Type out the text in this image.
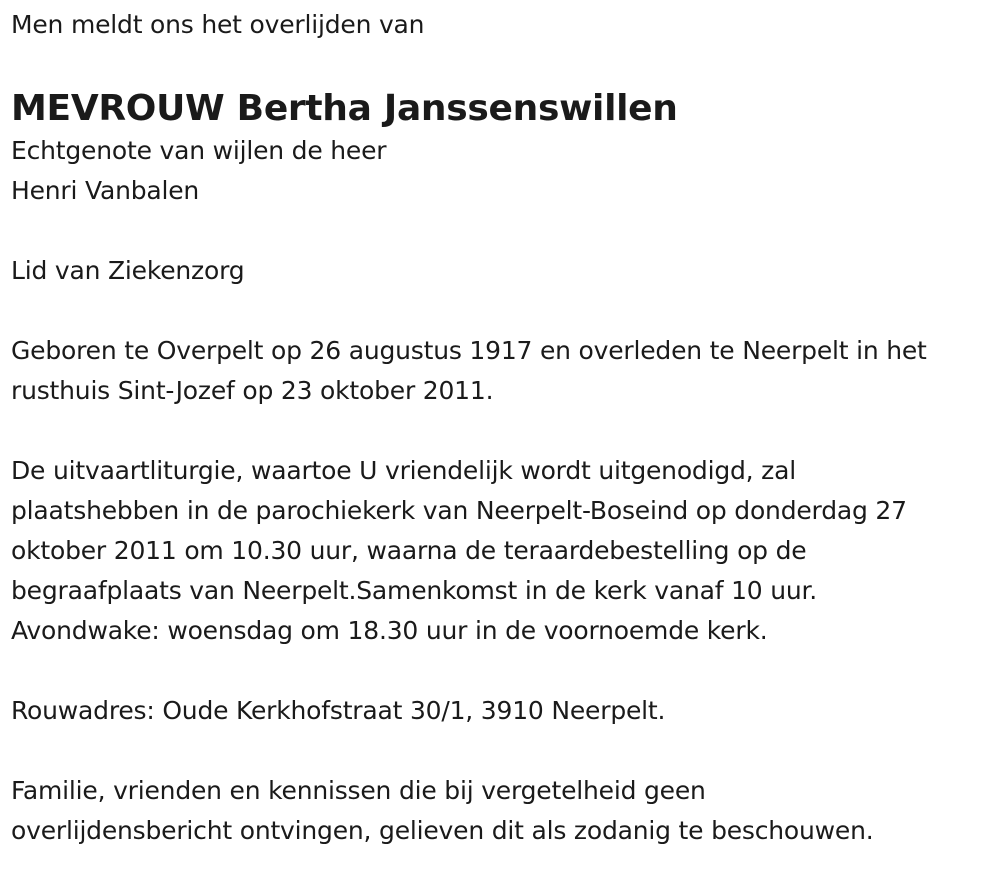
Men meldt ons het overlijden van
MEVROUW Bertha Janssenswillen
Echtgenote van wijlen de heer
Henri Vanbalen
Lid van Ziekenzorg
Geboren te Overpelt op 26 augustus 1917 en overleden te Neerpelt in het
rusthuis Sint-Jozef op 23 oktober 2011.
De uitvaartliturgie, waartoe U vriendelijk wordt uitgenodigd, zal
plaatshebben in de parochiekerk van Neerpelt-Boseind op donderdag 27
oktober 2011 om 10.30 uur, waarna de teraardebestelling op de
begraafplaats van Neerpelt.Samenkomst in de kerk vanaf 10 uur.
Avondwake: woensdag om 18.30 uur in de voornoemde kerk.
Rouwadres: Oude Kerkhofstraat 30/1, 3910 Neerpelt.
Familie, vrienden en kennissen die bij vergetelheid geen
overlijdensbericht ontvingen, gelieven dit als zodanig te beschouwen.
